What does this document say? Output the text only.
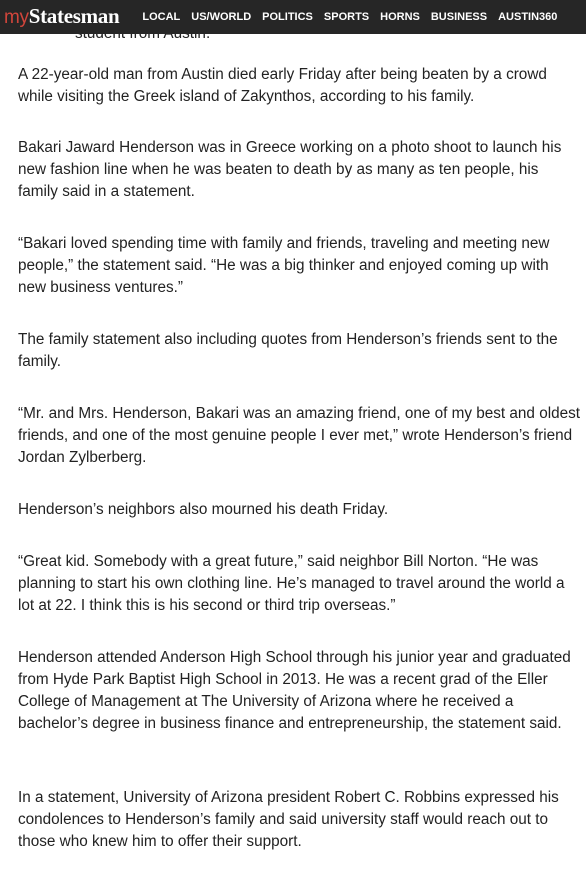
my Statesman LOCAL US/WORLD POLITICS SPORTS HORNS BUSINESS AUSTIN360

A 22-year-old man from Austin died early Friday after being beaten by a crowd while visiting the Greek island of Zakynthos, according to his family.

Bakari Jaward Henderson was in Greece working on a photo shoot to launch his new fashion line when he was beaten to death by as many as ten people, his family said in a statement.

“Bakari loved spending time with family and friends, traveling and meeting new people,” the statement said. “He was a big thinker and enjoyed coming up with new business ventures.”

The family statement also including quotes from Henderson’s friends sent to the family.

“Mr. and Mrs. Henderson, Bakari was an amazing friend, one of my best and oldest friends, and one of the most genuine people I ever met,” wrote Henderson’s friend Jordan Zylberberg.

Henderson’s neighbors also mourned his death Friday.

“Great kid. Somebody with a great future,” said neighbor Bill Norton. “He was planning to start his own clothing line. He’s managed to travel around the world a lot at 22. I think this is his second or third trip overseas.”

Henderson attended Anderson High School through his junior year and graduated from Hyde Park Baptist High School in 2013. He was a recent grad of the Eller College of Management at The University of Arizona where he received a bachelor’s degree in business finance and entrepreneurship, the statement said.

In a statement, University of Arizona president Robert C. Robbins expressed his condolences to Henderson’s family and said university staff would reach out to those who knew him to offer their support.
